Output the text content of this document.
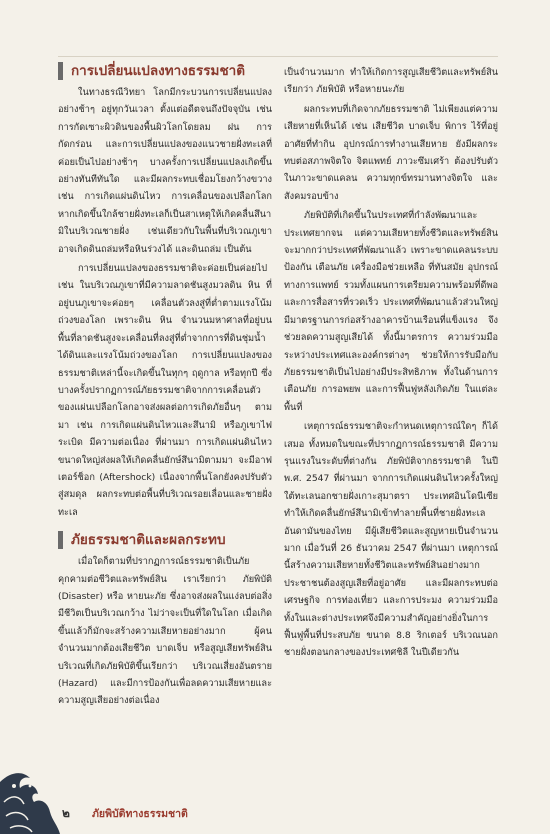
การเปลี่ยนแปลงทางธรรมชาติ

ในทางธรณีวิทยา โลกมีกระบวนการเปลี่ยนแปลงอย่างช้าๆ อยู่ทุกวันเวลา ตั้งแต่อดีตจนถึงปัจจุบัน เช่น การกัดเซาะผิวดินของพื้นผิวโลกโดยลม ฝน การกัดกร่อน และการเปลี่ยนแปลงของแนวชายฝั่งทะเลที่ค่อยเป็นไปอย่างช้าๆ บางครั้งการเปลี่ยนแปลงเกิดขึ้นอย่างทันทีทันใด และมีผลกระทบเชื่อมโยงกว้างขวาง เช่น การเกิดแผ่นดินไหว การเคลื่อนของเปลือกโลก หากเกิดขึ้นใกล้ชายฝั่งทะเลก็เป็นสาเหตุให้เกิดคลื่นสึนามิในบริเวณชายฝั่ง เช่นเดียวกับในพื้นที่บริเวณภูเขา อาจเกิดดินถล่มหรือหินร่วงได้ และดินถล่ม เป็นต้น

การเปลี่ยนแปลงของธรรมชาติจะค่อยเป็นค่อยไป เช่น ในบริเวณภูเขาที่มีความลาดชันสูงมวลดิน หิน ที่อยู่บนภูเขาจะค่อยๆ เคลื่อนตัวลงสู่ที่ต่ำตามแรงโน้มถ่วงของโลก เพราะดิน หิน จำนวนมหาศาลที่อยู่บนพื้นที่ลาดชันสูงจะเคลื่อนที่ลงสู่ที่ต่ำจากการที่ดินชุ่มน้ำได้ดินและแรงโน้มถ่วงของโลก การเปลี่ยนแปลงของธรรมชาติเหล่านี้จะเกิดขึ้นในทุกๆ ฤดูกาล หรือทุกปี ซึ่งบางครั้งปรากฏการณ์ภัยธรรมชาติจากการเคลื่อนตัวของแผ่นเปลือกโลกอาจส่งผลต่อการเกิดภัยอื่นๆ ตามมา เช่น การเกิดแผ่นดินไหวและสึนามิ หรือภูเขาไฟระเบิด มีความต่อเนื่อง ที่ผ่านมา การเกิดแผ่นดินไหวขนาดใหญ่ส่งผลให้เกิดคลื่นยักษ์สึนามิตามมา จะมีอาฟเตอร์ช็อก (Aftershock) เนื่องจากพื้นโลกยังคงปรับตัวสู่สมดุล ผลกระทบต่อพื้นที่บริเวณรอยเลื่อนและชายฝั่งทะเล

ภัยธรรมชาติและผลกระทบ

เมื่อใดก็ตามที่ปรากฏการณ์ธรรมชาติเป็นภัยคุกคามต่อชีวิตและทรัพย์สิน เราเรียกว่า ภัยพิบัติ (Disaster) หรือ หายนะภัย ซึ่งอาจส่งผลในแง่ลบต่อสิ่งมีชีวิตเป็นบริเวณกว้าง ไม่ว่าจะเป็นที่ใดในโลก เมื่อเกิดขึ้นแล้วก็มักจะสร้างความเสียหายอย่างมาก ผู้คนจำนวนมากต้องเสียชีวิต บาดเจ็บ หรือสูญเสียทรัพย์สิน บริเวณที่เกิดภัยพิบัติขึ้นเรียกว่า บริเวณเสี่ยงอันตราย (Hazard) และมีการป้องกันเพื่อลดความเสียหายและความสูญเสียอย่างต่อเนื่อง

เป็นจำนวนมาก ทำให้เกิดการสูญเสียชีวิตและทรัพย์สิน เรียกว่า ภัยพิบัติ หรือหายนะภัย

ผลกระทบที่เกิดจากภัยธรรมชาติ ไม่เพียงแต่ความเสียหายที่เห็นได้ เช่น เสียชีวิต บาดเจ็บ พิการ ไร้ที่อยู่ อาศัยที่ทำกิน อุปกรณ์การทำงานเสียหาย ยังมีผลกระทบต่อสภาพจิตใจ จิตแพทย์ ภาวะซึมเศร้า ต้องปรับตัวในภาวะขาดแคลน ความทุกข์ทรมานทางจิตใจ และสังคมรอบข้าง

ภัยพิบัติที่เกิดขึ้นในประเทศที่กำลังพัฒนาและประเทศยากจน แต่ความเสียหายทั้งชีวิตและทรัพย์สินจะมากกว่าประเทศที่พัฒนาแล้ว เพราะขาดแคลนระบบป้องกัน เตือนภัย เครื่องมือช่วยเหลือ ที่ทันสมัย อุปกรณ์ทางการแพทย์ รวมทั้งแผนการเตรียมความพร้อมที่ดีพอ และการสื่อสารที่รวดเร็ว ประเทศที่พัฒนาแล้วส่วนใหญ่มีมาตรฐานการก่อสร้างอาคารบ้านเรือนที่แข็งแรง จึงช่วยลดความสูญเสียได้ ทั้งนี้มาตรการ ความร่วมมือ ระหว่างประเทศและองค์กรต่างๆ ช่วยให้การรับมือกับภัยธรรมชาติเป็นไปอย่างมีประสิทธิภาพ ทั้งในด้านการเตือนภัย การอพยพ และการฟื้นฟูหลังเกิดภัย ในแต่ละพื้นที่

เหตุการณ์ธรรมชาติจะกำหนดเหตุการณ์ใดๆ ก็ได้เสมอ ทั้งหมดในขณะที่ปรากฏการณ์ธรรมชาติ มีความรุนแรงในระดับที่ต่างกัน ภัยพิบัติจากธรรมชาติ ในปี พ.ศ. 2547 ที่ผ่านมา จากการเกิดแผ่นดินไหวครั้งใหญ่ใต้ทะเลนอกชายฝั่งเกาะสุมาตรา ประเทศอินโดนีเซีย ทำให้เกิดคลื่นยักษ์สึนามิเข้าทำลายพื้นที่ชายฝั่งทะเลอันดามันของไทย มีผู้เสียชีวิตและสูญหายเป็นจำนวนมาก เมื่อวันที่ 26 ธันวาคม 2547 ที่ผ่านมา เหตุการณ์นี้สร้างความเสียหายทั้งชีวิตและทรัพย์สินอย่างมาก ประชาชนต้องสูญเสียที่อยู่อาศัย และมีผลกระทบต่อเศรษฐกิจ การท่องเที่ยว และการประมง ความร่วมมือ ทั้งในและต่างประเทศจึงมีความสำคัญอย่างยิ่งในการฟื้นฟูพื้นที่ประสบภัย ขนาด 8.8 ริกเตอร์ บริเวณนอกชายฝั่งตอนกลางของประเทศชิลี ในปีเดียวกัน

๒ ภัยพิบัติทางธรรมชาติ
